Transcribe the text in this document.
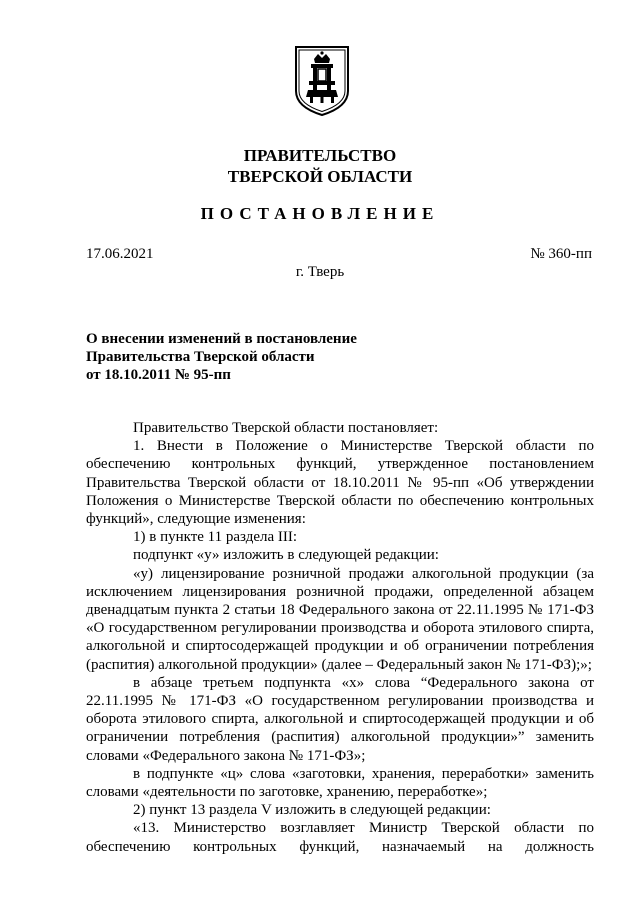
ПРАВИТЕЛЬСТВО
ТВЕРСКОЙ ОБЛАСТИ
ПОСТАНОВЛЕНИЕ
17.06.2021	№ 360-пп
г. Тверь
О внесении изменений в постановление
Правительства Тверской области
от 18.10.2011 № 95-пп

Правительство Тверской области постановляет:

1. Внести в Положение о Министерстве Тверской области по обеспечению контрольных функций, утвержденное постановлением Правительства Тверской области от 18.10.2011 № 95-пп «Об утверждении Положения о Министерстве Тверской области по обеспечению контрольных функций», следующие изменения:

1) в пункте 11 раздела III:

подпункт «у» изложить в следующей редакции:

«у) лицензирование розничной продажи алкогольной продукции (за исключением лицензирования розничной продажи, определенной абзацем двенадцатым пункта 2 статьи 18 Федерального закона от 22.11.1995 № 171-ФЗ «О государственном регулировании производства и оборота этилового спирта, алкогольной и спиртосодержащей продукции и об ограничении потребления (распития) алкогольной продукции» (далее – Федеральный закон № 171-ФЗ);»;

в абзаце третьем подпункта «х» слова “Федерального закона от 22.11.1995 № 171-ФЗ «О государственном регулировании производства и оборота этилового спирта, алкогольной и спиртосодержащей продукции и об ограничении потребления (распития) алкогольной продукции»” заменить словами «Федерального закона № 171-ФЗ»;

в подпункте «ц» слова «заготовки, хранения, переработки» заменить словами «деятельности по заготовке, хранению, переработке»;

2) пункт 13 раздела V изложить в следующей редакции:

«13. Министерство возглавляет Министр Тверской области по обеспечению контрольных функций, назначаемый на должность
